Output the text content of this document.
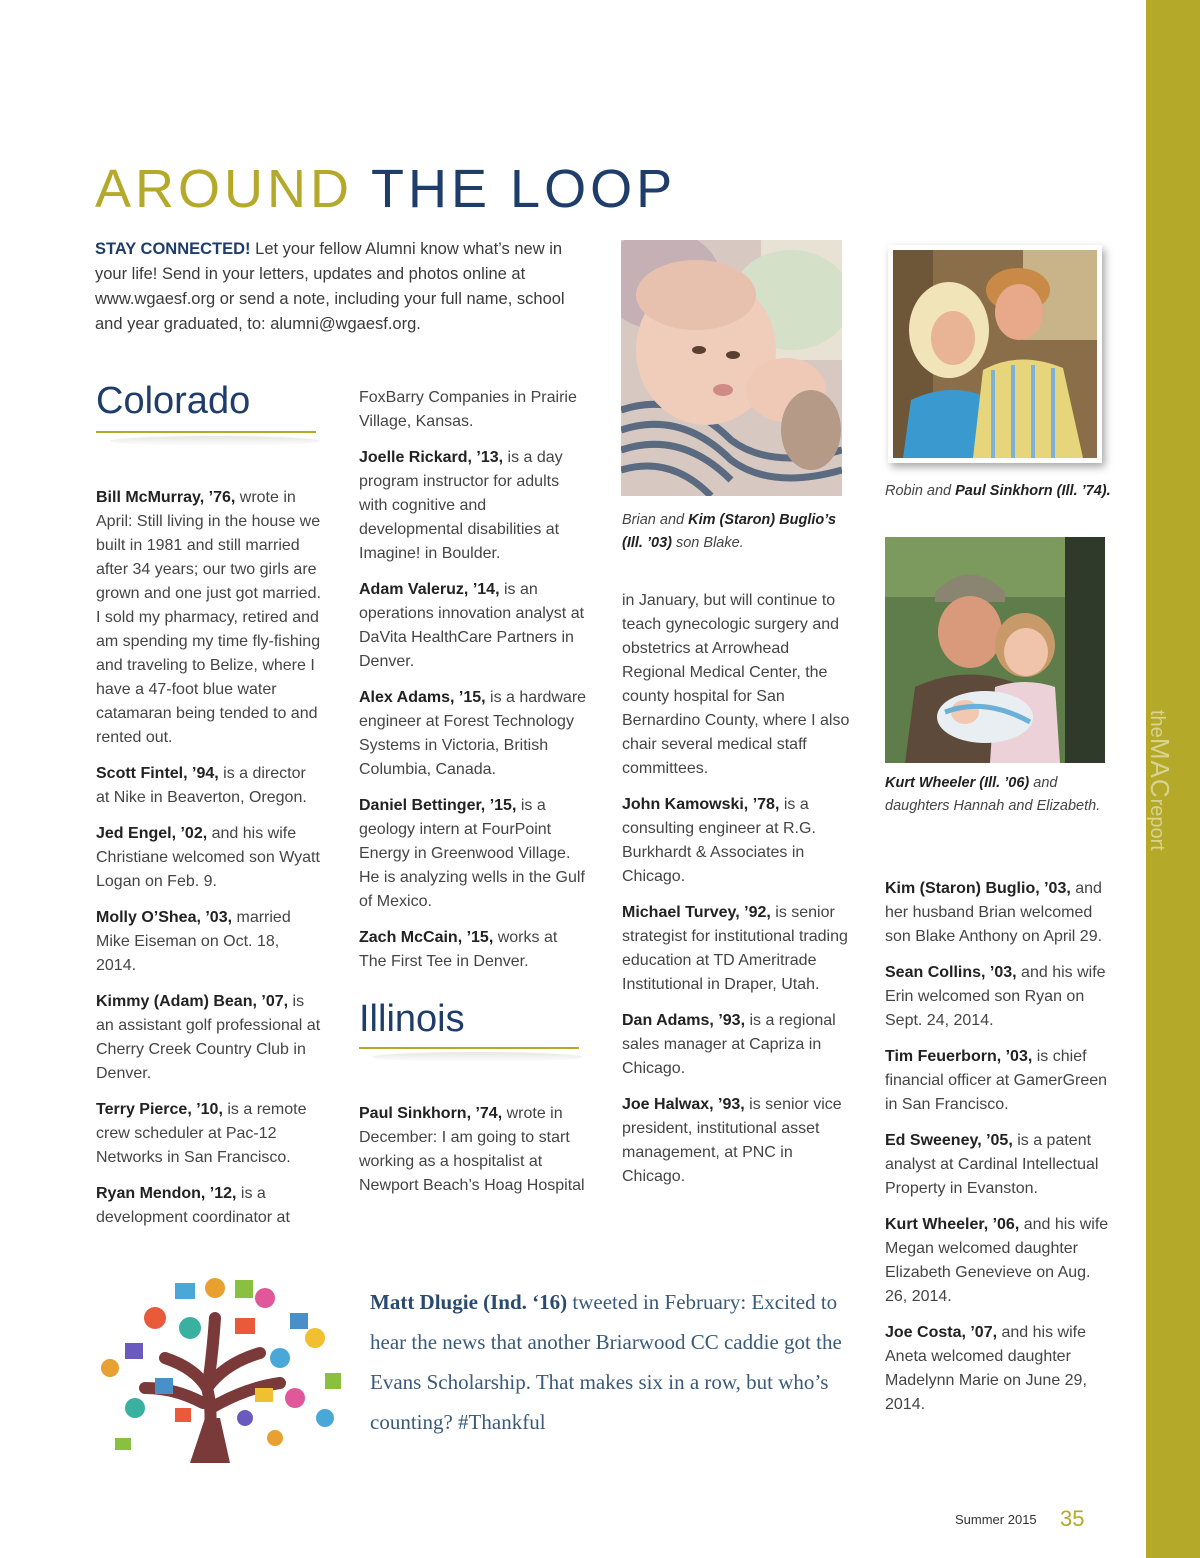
theMACreport
AROUND THE LOOP
STAY CONNECTED! Let your fellow Alumni know what’s new in your life! Send in your letters, updates and photos online at www.wgaesf.org or send a note, including your full name, school and year graduated, to: alumni@wgaesf.org.
Colorado

Bill McMurray, ’76, wrote in April: Still living in the house we built in 1981 and still married after 34 years; our two girls are grown and one just got married. I sold my pharmacy, retired and am spending my time fly-fishing and traveling to Belize, where I have a 47-foot blue water catamaran being tended to and rented out.

Scott Fintel, ’94, is a director at Nike in Beaverton, Oregon.

Jed Engel, ’02, and his wife Christiane welcomed son Wyatt Logan on Feb. 9.

Molly O’Shea, ’03, married Mike Eiseman on Oct. 18, 2014.

Kimmy (Adam) Bean, ’07, is an assistant golf professional at Cherry Creek Country Club in Denver.

Terry Pierce, ’10, is a remote crew scheduler at Pac-12 Networks in San Francisco.

Ryan Mendon, ’12, is a development coordinator at

FoxBarry Companies in Prairie Village, Kansas.

Joelle Rickard, ’13, is a day program instructor for adults with cognitive and developmental disabilities at Imagine! in Boulder.

Adam Valeruz, ’14, is an operations innovation analyst at DaVita HealthCare Partners in Denver.

Alex Adams, ’15, is a hardware engineer at Forest Technology Systems in Victoria, British Columbia, Canada.

Daniel Bettinger, ’15, is a geology intern at FourPoint Energy in Greenwood Village. He is analyzing wells in the Gulf of Mexico.

Zach McCain, ’15, works at The First Tee in Denver.

Illinois

Paul Sinkhorn, ’74, wrote in December: I am going to start working as a hospitalist at Newport Beach’s Hoag Hospital

Brian and Kim (Staron) Buglio’s (Ill. ’03) son Blake.

in January, but will continue to teach gynecologic surgery and obstetrics at Arrowhead Regional Medical Center, the county hospital for San Bernardino County, where I also chair several medical staff committees.

John Kamowski, ’78, is a consulting engineer at R.G. Burkhardt & Associates in Chicago.

Michael Turvey, ’92, is senior strategist for institutional trading education at TD Ameritrade Institutional in Draper, Utah.

Dan Adams, ’93, is a regional sales manager at Capriza in Chicago.

Joe Halwax, ’93, is senior vice president, institutional asset management, at PNC in Chicago.

Robin and Paul Sinkhorn (Ill. ’74).
Kurt Wheeler (Ill. ’06) and daughters Hannah and Elizabeth.

Kim (Staron) Buglio, ’03, and her husband Brian welcomed son Blake Anthony on April 29.

Sean Collins, ’03, and his wife Erin welcomed son Ryan on Sept. 24, 2014.

Tim Feuerborn, ’03, is chief financial officer at GamerGreen in San Francisco.

Ed Sweeney, ’05, is a patent analyst at Cardinal Intellectual Property in Evanston.

Kurt Wheeler, ’06, and his wife Megan welcomed daughter Elizabeth Genevieve on Aug. 26, 2014.

Joe Costa, ’07, and his wife Aneta welcomed daughter Madelynn Marie on June 29, 2014.

Matt Dlugie (Ind. ‘16) tweeted in February: Excited to hear the news that another Briarwood CC caddie got the Evans Scholarship. That makes six in a row, but who’s counting? #Thankful
Summer 2015 35
